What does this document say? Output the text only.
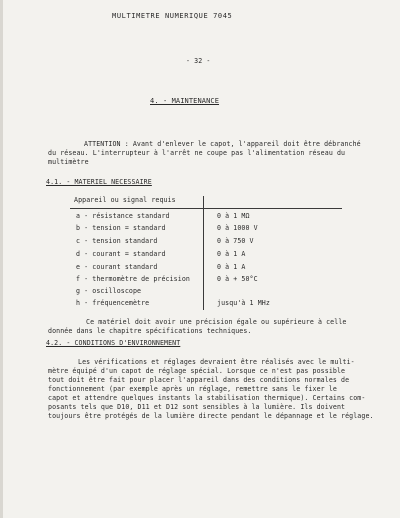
MULTIMETRE NUMERIQUE 7045
- 32 -
4. - MAINTENANCE
ATTENTION : Avant d'enlever le capot, l'appareil doit être débranché
du réseau. L'interrupteur à l'arrêt ne coupe pas l'alimentation réseau du
multimètre
4.1. - MATERIEL NECESSAIRE
Appareil ou signal requis
a - résistance standard	0 à 1 MΩ
b - tension = standard	0 à 1000 V
c - tension standard	0 à 750 V
d - courant = standard	0 à 1 A
e - courant standard	0 à 1 A
f - thermomètre de précision	0 à + 50°C
g - oscilloscope
h - fréquencemètre	jusqu'à 1 MHz
Ce matériel doit avoir une précision égale ou supérieure à celle
donnée dans le chapitre spécifications techniques.
4.2. - CONDITIONS D'ENVIRONNEMENT
Les vérifications et réglages devraient être réalisés avec le multi-
mètre équipé d'un capot de réglage spécial. Lorsque ce n'est pas possible
tout doit être fait pour placer l'appareil dans des conditions normales de
fonctionnement (par exemple après un réglage, remettre sans le fixer le
capot et attendre quelques instants la stabilisation thermique). Certains com-
posants tels que D10, D11 et D12 sont sensibles à la lumière. Ils doivent
toujours être protégés de la lumière directe pendant le dépannage et le réglage.
